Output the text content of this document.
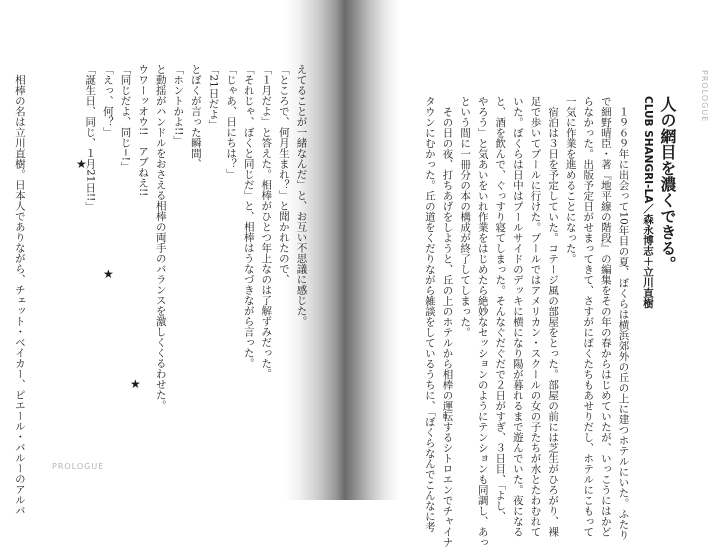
PROLOGUE
PROLOGUE
人の網目を濃くできる。
CLUB SHANGRI-LA／森永博志＋立川直樹
　１９６９年に出会って10年目の夏、ぼくらは横浜郊外の丘の上に建つホテルにいた。ふたり
で細野晴臣・著『地平線の階段』の編集をその年の春からはじめていたが、いっこうにはかど
らなかった。出版予定日がせまってきて、さすがにぼくたちもあせりだし、ホテルにこもって
一気に作業を進めることになった。
　宿泊は３日を予定していた。コテージ風の部屋をとった。部屋の前には芝生がひろがり、裸
足で歩いてプールに行けた。プールではアメリカン・スクールの女の子たちが水とたわむれて
いた。ぼくらは日中はプールサイドのデッキに横になり陽が暮れるまで遊んでいた。夜になる
と、酒を飲んで、ぐっすり寝てしまった。そんなぐだぐだで２日がすぎ、３日目、「よし、
やろう」と気あいをいれ作業をはじめたら絶妙なセッションのようにテンションも同調し、あっ
という間に一冊分の本の構成が終了してしまった。
　その日の夜、打ちあげをしようと、丘の上のホテルから相棒の運転するシトロエンでチャイナ
タウンにむかった。丘の道をくだりながら雑談をしているうちに、「ぼくらなんでこんなに考
えてることが一緒なんだ」と、お互い不思議に感じた。
「ところで、何月生まれ？」と聞かれたので、
「１月だよ」と答えた。相棒がひとつ年上なのは了解ずみだった。
「それじゃ、ぼくと同じだ」と、相棒はうなづきながら言った。
「じゃあ、日にちは？」
「21日だよ」
とぼくが言った瞬間、
「ホントかよ!!」
と動揺がハンドルをおさえる相棒の両手のバランスを激しくくるわせた。
ウワーッオウ!!　アブねえ!!
「同じだよ、同じ−!」
「えっ、何？」
「誕生日、同じ、１月21日!!」
　相棒の名は立川直樹。日本人でありながら、チェット・ベイカー、ピエール・バルーのアルバ	★
★
★
